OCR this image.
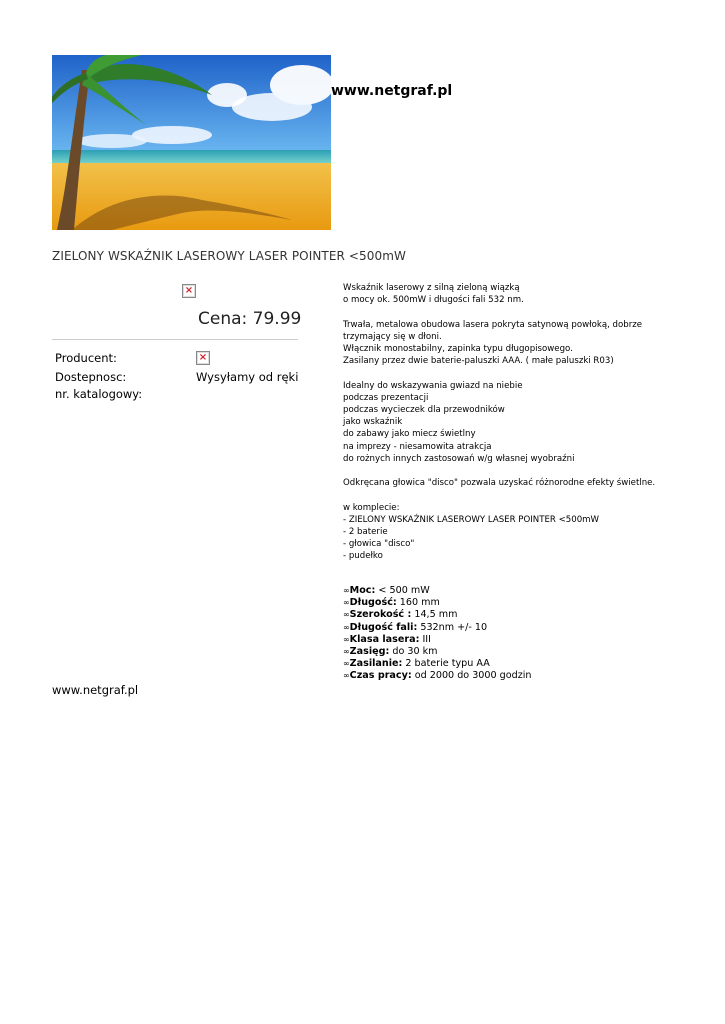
www.netgraf.pl
ZIELONY WSKAŹNIK LASEROWY LASER POINTER <500mW
×
Cena: 79.99
Producent:	×
Dostepnosc:	Wysyłamy od ręki
nr. katalogowy:

Wskaźnik laserowy z silną zieloną wiązką
o mocy ok. 500mW i długości fali 532 nm.

Trwała, metalowa obudowa lasera pokryta satynową powłoką, dobrze
trzymający się w dłoni.
Włącznik monostabilny, zapinka typu długopisowego.
Zasilany przez dwie baterie-paluszki AAA. ( małe paluszki R03)

Idealny do wskazywania gwiazd na niebie
podczas prezentacji
podczas wycieczek dla przewodników
jako wskaźnik
do zabawy jako miecz świetlny
na imprezy - niesamowita atrakcja
do rożnych innych zastosowań w/g własnej wyobraźni

Odkręcana głowica "disco" pozwala uzyskać różnorodne efekty świetlne.

w komplecie:
- ZIELONY WSKAŹNIK LASEROWY LASER POINTER <500mW
- 2 baterie
- głowica "disco"
- pudełko

∞Moc: < 500 mW
∞Długość: 160 mm
∞Szerokość : 14,5 mm
∞Długość fali: 532nm +/- 10
∞Klasa lasera: III
∞Zasięg: do 30 km
∞Zasilanie: 2 baterie typu AA
∞Czas pracy: od 2000 do 3000 godzin
www.netgraf.pl
